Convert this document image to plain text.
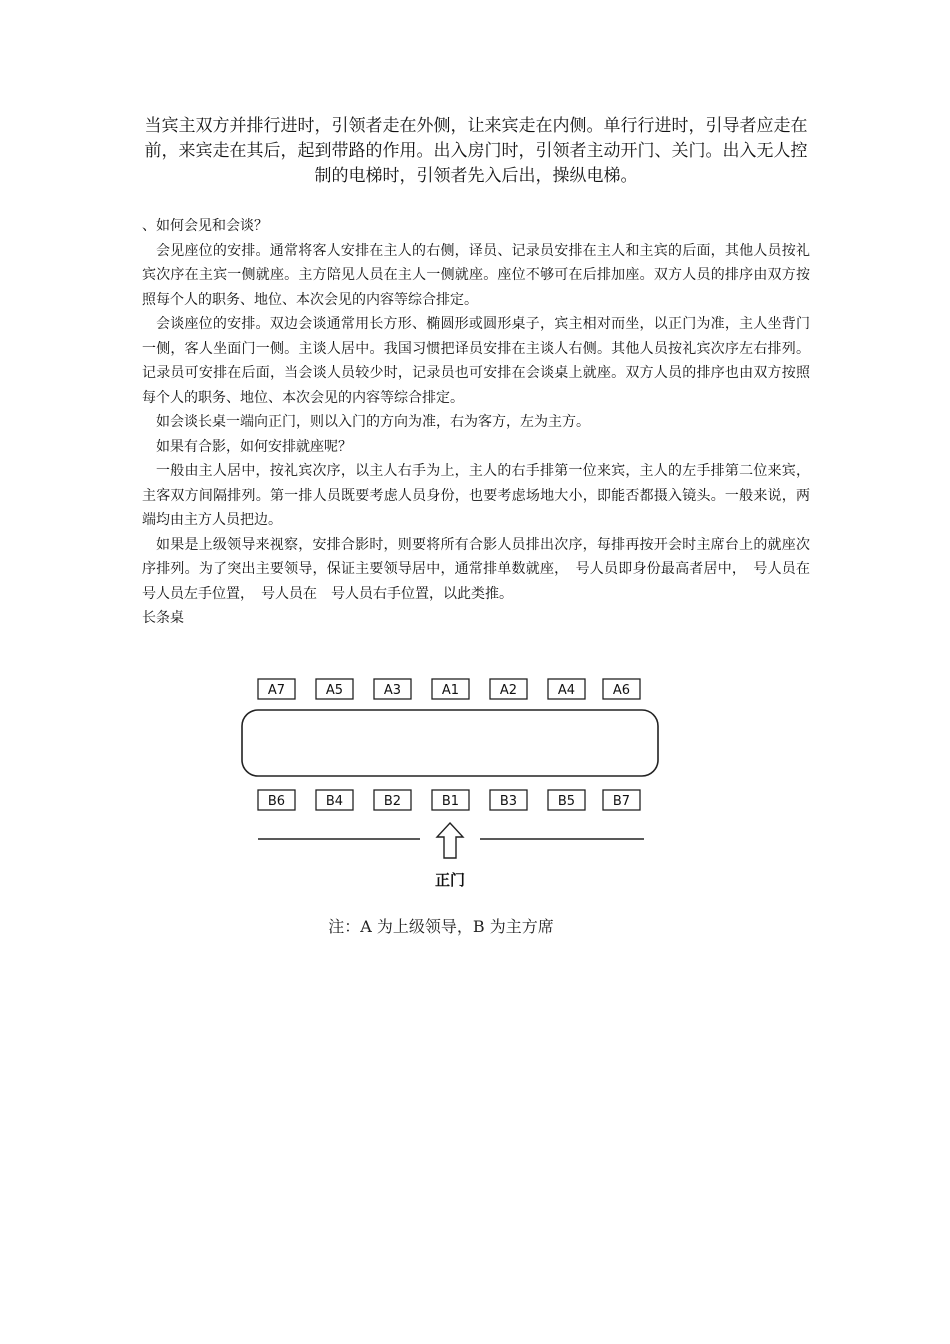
当宾主双方并排行进时，引领者走在外侧，让来宾走在内侧。单行行进时，引导者应走在前，来宾走在其后，起到带路的作用。出入房门时，引领者主动开门、关门。出入无人控制的电梯时，引领者先入后出，操纵电梯。

、如何会见和会谈？

会见座位的安排。通常将客人安排在主人的右侧，译员、记录员安排在主人和主宾的后面，其他人员按礼宾次序在主宾一侧就座。主方陪见人员在主人一侧就座。座位不够可在后排加座。双方人员的排序由双方按照每个人的职务、地位、本次会见的内容等综合排定。

会谈座位的安排。双边会谈通常用长方形、椭圆形或圆形桌子，宾主相对而坐，以正门为准，主人坐背门一侧，客人坐面门一侧。主谈人居中。我国习惯把译员安排在主谈人右侧。其他人员按礼宾次序左右排列。记录员可安排在后面，当会谈人员较少时，记录员也可安排在会谈桌上就座。双方人员的排序也由双方按照每个人的职务、地位、本次会见的内容等综合排定。

如会谈长桌一端向正门，则以入门的方向为准，右为客方，左为主方。

如果有合影，如何安排就座呢？

一般由主人居中，按礼宾次序，以主人右手为上，主人的右手排第一位来宾，主人的左手排第二位来宾，主客双方间隔排列。第一排人员既要考虑人员身份，也要考虑场地大小，即能否都摄入镜头。一般来说，两端均由主方人员把边。

如果是上级领导来视察，安排合影时，则要将所有合影人员排出次序，每排再按开会时主席台上的就座次序排列。为了突出主要领导，保证主要领导居中，通常排单数就座，　号人员即身份最高者居中，　号人员在　号人员左手位置，　号人员在　号人员右手位置，以此类推。

长条桌

A7	A5	A3	A1	A2	A4	A6
B6	B4	B2	B1	B3	B5	B7
正门
注：A 为上级领导，B 为主方席
